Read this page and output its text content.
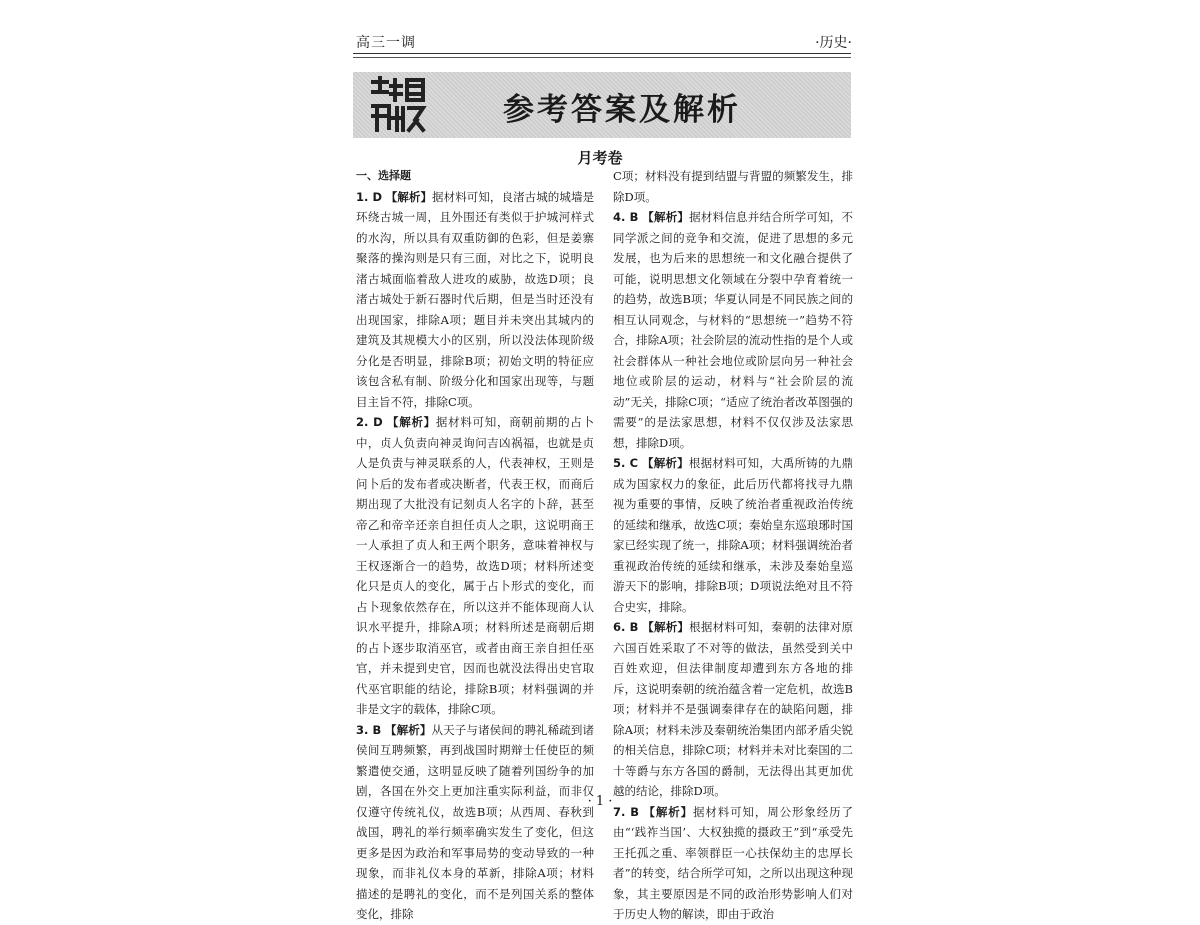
高三一调	·历史·
参考答案及解析
月考卷
一、选择题

1. D 【解析】据材料可知，良渚古城的城墙是环绕古城一周，且外围还有类似于护城河样式的水沟，所以具有双重防御的色彩，但是姜寨聚落的操沟则是只有三面，对比之下，说明良渚古城面临着敌人进攻的威胁，故选D项；良渚古城处于新石器时代后期，但是当时还没有出现国家，排除A项；题目并未突出其城内的建筑及其规模大小的区别，所以没法体现阶级分化是否明显，排除B项；初始文明的特征应该包含私有制、阶级分化和国家出现等，与题目主旨不符，排除C项。

2. D 【解析】据材料可知，商朝前期的占卜中，贞人负责向神灵询问吉凶祸福，也就是贞人是负责与神灵联系的人，代表神权，王则是问卜后的发布者或决断者，代表王权，而商后期出现了大批没有记刻贞人名字的卜辞，甚至帝乙和帝辛还亲自担任贞人之职，这说明商王一人承担了贞人和王两个职务，意味着神权与王权逐渐合一的趋势，故选D项；材料所述变化只是贞人的变化，属于占卜形式的变化，而占卜现象依然存在，所以这并不能体现商人认识水平提升，排除A项；材料所述是商朝后期的占卜逐步取消巫官，或者由商王亲自担任巫官，并未提到史官，因而也就没法得出史官取代巫官职能的结论，排除B项；材料强调的并非是文字的载体，排除C项。

3. B 【解析】从天子与诸侯间的聘礼稀疏到诸侯间互聘频繁，再到战国时期辩士任使臣的频繁遣使交通，这明显反映了随着列国纷争的加剧，各国在外交上更加注重实际利益，而非仅仅遵守传统礼仪，故选B项；从西周、春秋到战国，聘礼的举行频率确实发生了变化，但这更多是因为政治和军事局势的变动导致的一种现象，而非礼仪本身的革新，排除A项；材料描述的是聘礼的变化，而不是列国关系的整体变化，排除

C项；材料没有提到结盟与背盟的频繁发生，排除D项。

4. B 【解析】据材料信息并结合所学可知，不同学派之间的竞争和交流，促进了思想的多元发展，也为后来的思想统一和文化融合提供了可能，说明思想文化领域在分裂中孕育着统一的趋势，故选B项；华夏认同是不同民族之间的相互认同观念，与材料的“思想统一”趋势不符合，排除A项；社会阶层的流动性指的是个人或社会群体从一种社会地位或阶层向另一种社会地位或阶层的运动，材料与“社会阶层的流动”无关，排除C项；“适应了统治者改革图强的需要”的是法家思想，材料不仅仅涉及法家思想，排除D项。

5. C 【解析】根据材料可知，大禹所铸的九鼎成为国家权力的象征，此后历代都将找寻九鼎视为重要的事情，反映了统治者重视政治传统的延续和继承，故选C项；秦始皇东巡琅琊时国家已经实现了统一，排除A项；材料强调统治者重视政治传统的延续和继承，未涉及秦始皇巡游天下的影响，排除B项；D项说法绝对且不符合史实，排除。

6. B 【解析】根据材料可知，秦朝的法律对原六国百姓采取了不对等的做法，虽然受到关中百姓欢迎，但法律制度却遭到东方各地的排斥，这说明秦朝的统治蕴含着一定危机，故选B项；材料并不是强调秦律存在的缺陷问题，排除A项；材料未涉及秦朝统治集团内部矛盾尖锐的相关信息，排除C项；材料并未对比秦国的二十等爵与东方各国的爵制，无法得出其更加优越的结论，排除D项。

7. B 【解析】据材料可知，周公形象经历了由“‘践祚当国’、大权独揽的摄政王”到“承受先王托孤之重、率领群臣一心扶保幼主的忠厚长者”的转变，结合所学可知，之所以出现这种现象，其主要原因是不同的政治形势影响人们对于历史人物的解读，即由于政治

· 1 ·
